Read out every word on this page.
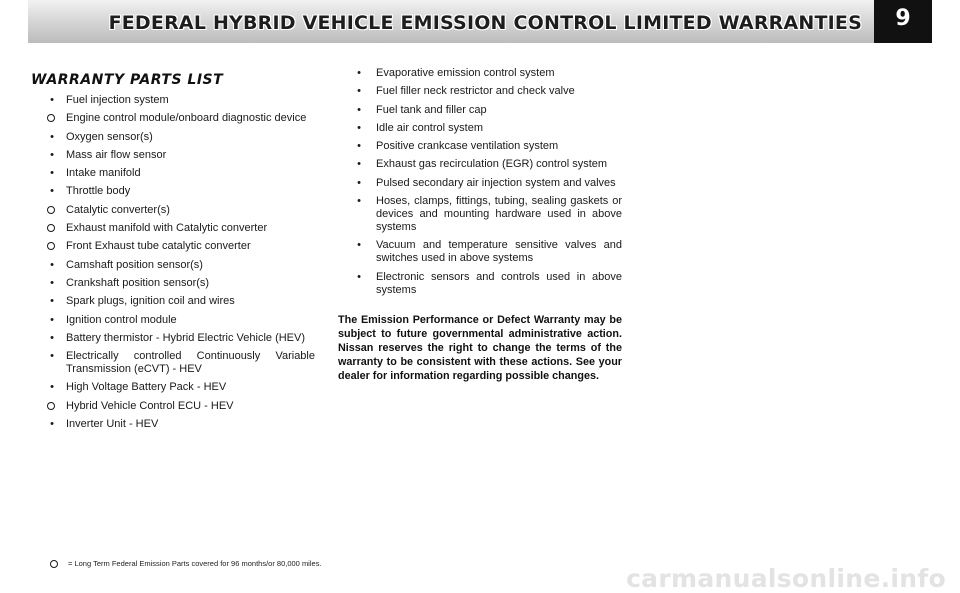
FEDERAL HYBRID VEHICLE EMISSION CONTROL LIMITED WARRANTIES	9
WARRANTY PARTS LIST
•	Fuel injection system
Engine control module/onboard diagnostic device
•	Oxygen sensor(s)
•	Mass air flow sensor
•	Intake manifold
•	Throttle body
Catalytic converter(s)
Exhaust manifold with Catalytic converter
Front Exhaust tube catalytic converter
•	Camshaft position sensor(s)
•	Crankshaft position sensor(s)
•	Spark plugs, ignition coil and wires
•	Ignition control module
•	Battery thermistor - Hybrid Electric Vehicle (HEV)
•	Electrically controlled Continuously Variable Transmission (eCVT) - HEV
•	High Voltage Battery Pack - HEV
Hybrid Vehicle Control ECU - HEV
•	Inverter Unit - HEV
•	Evaporative emission control system
•	Fuel filler neck restrictor and check valve
•	Fuel tank and filler cap
•	Idle air control system
•	Positive crankcase ventilation system
•	Exhaust gas recirculation (EGR) control system
•	Pulsed secondary air injection system and valves
•	Hoses, clamps, fittings, tubing, sealing gaskets or devices and mounting hardware used in above systems
•	Vacuum and temperature sensitive valves and switches used in above systems
•	Electronic sensors and controls used in above systems

The Emission Performance or Defect Warranty may be subject to future governmental administrative action. Nissan reserves the right to change the terms of the warranty to be consistent with these actions. See your dealer for information regarding possible changes.

= Long Term Federal Emission Parts covered for 96 months/or 80,000 miles.
carmanualsonline.info
